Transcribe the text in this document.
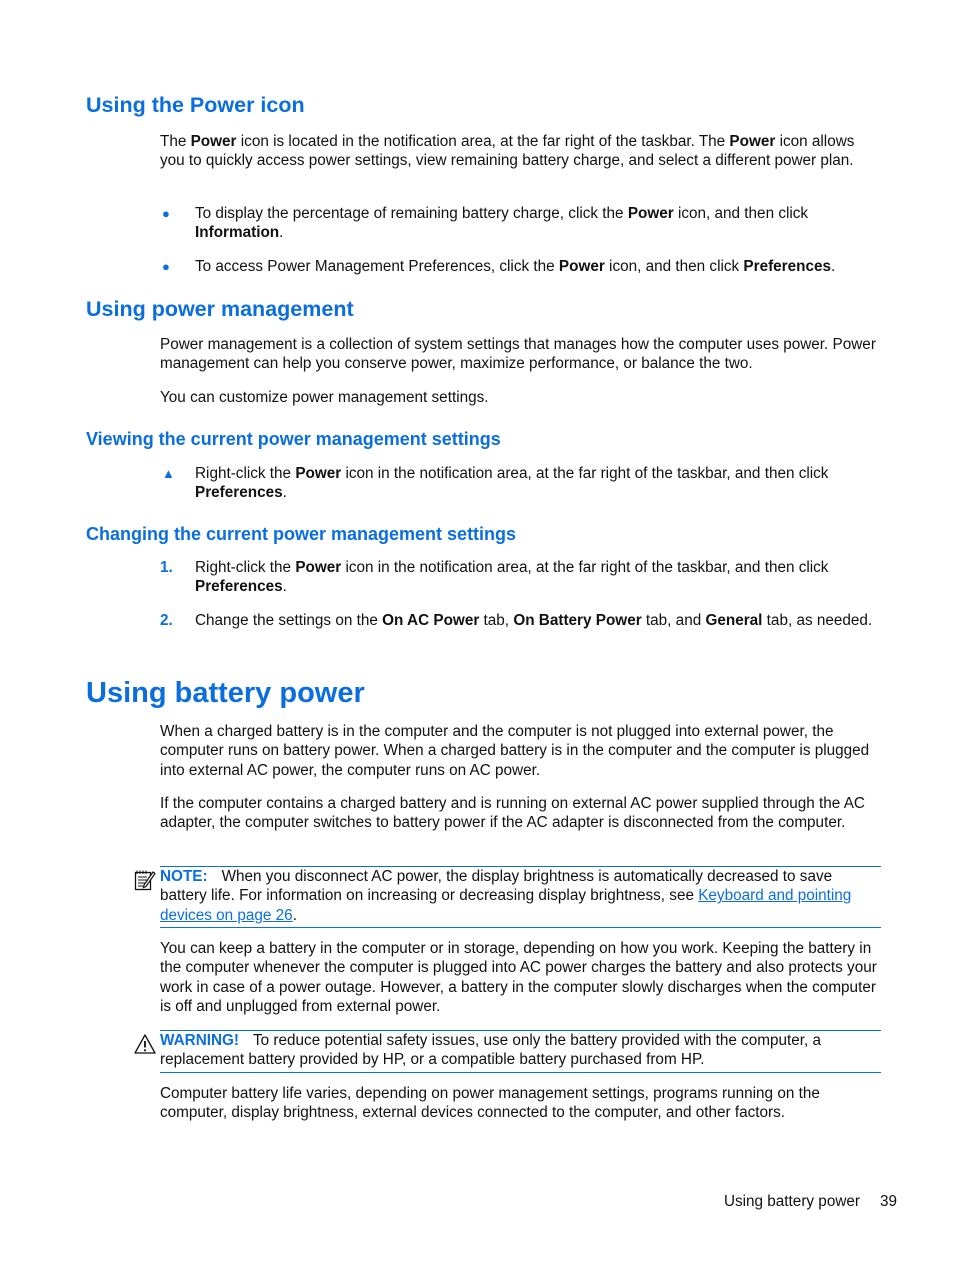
Using the Power icon

The Power icon is located in the notification area, at the far right of the taskbar. The Power icon allows you to quickly access power settings, view remaining battery charge, and select a different power plan.

●	To display the percentage of remaining battery charge, click the Power icon, and then click Information.
●	To access Power Management Preferences, click the Power icon, and then click Preferences.
Using power management

Power management is a collection of system settings that manages how the computer uses power. Power management can help you conserve power, maximize performance, or balance the two.

You can customize power management settings.

Viewing the current power management settings
▲	Right-click the Power icon in the notification area, at the far right of the taskbar, and then click Preferences.
Changing the current power management settings
1.	Right-click the Power icon in the notification area, at the far right of the taskbar, and then click Preferences.
2.	Change the settings on the On AC Power tab, On Battery Power tab, and General tab, as needed.
Using battery power

When a charged battery is in the computer and the computer is not plugged into external power, the computer runs on battery power. When a charged battery is in the computer and the computer is plugged into external AC power, the computer runs on AC power.

If the computer contains a charged battery and is running on external AC power supplied through the AC adapter, the computer switches to battery power if the AC adapter is disconnected from the computer.

NOTE: When you disconnect AC power, the display brightness is automatically decreased to save battery life. For information on increasing or decreasing display brightness, see Keyboard and pointing devices on page 26.

You can keep a battery in the computer or in storage, depending on how you work. Keeping the battery in the computer whenever the computer is plugged into AC power charges the battery and also protects your work in case of a power outage. However, a battery in the computer slowly discharges when the computer is off and unplugged from external power.

WARNING! To reduce potential safety issues, use only the battery provided with the computer, a replacement battery provided by HP, or a compatible battery purchased from HP.

Computer battery life varies, depending on power management settings, programs running on the computer, display brightness, external devices connected to the computer, and other factors.

Using battery power 39
